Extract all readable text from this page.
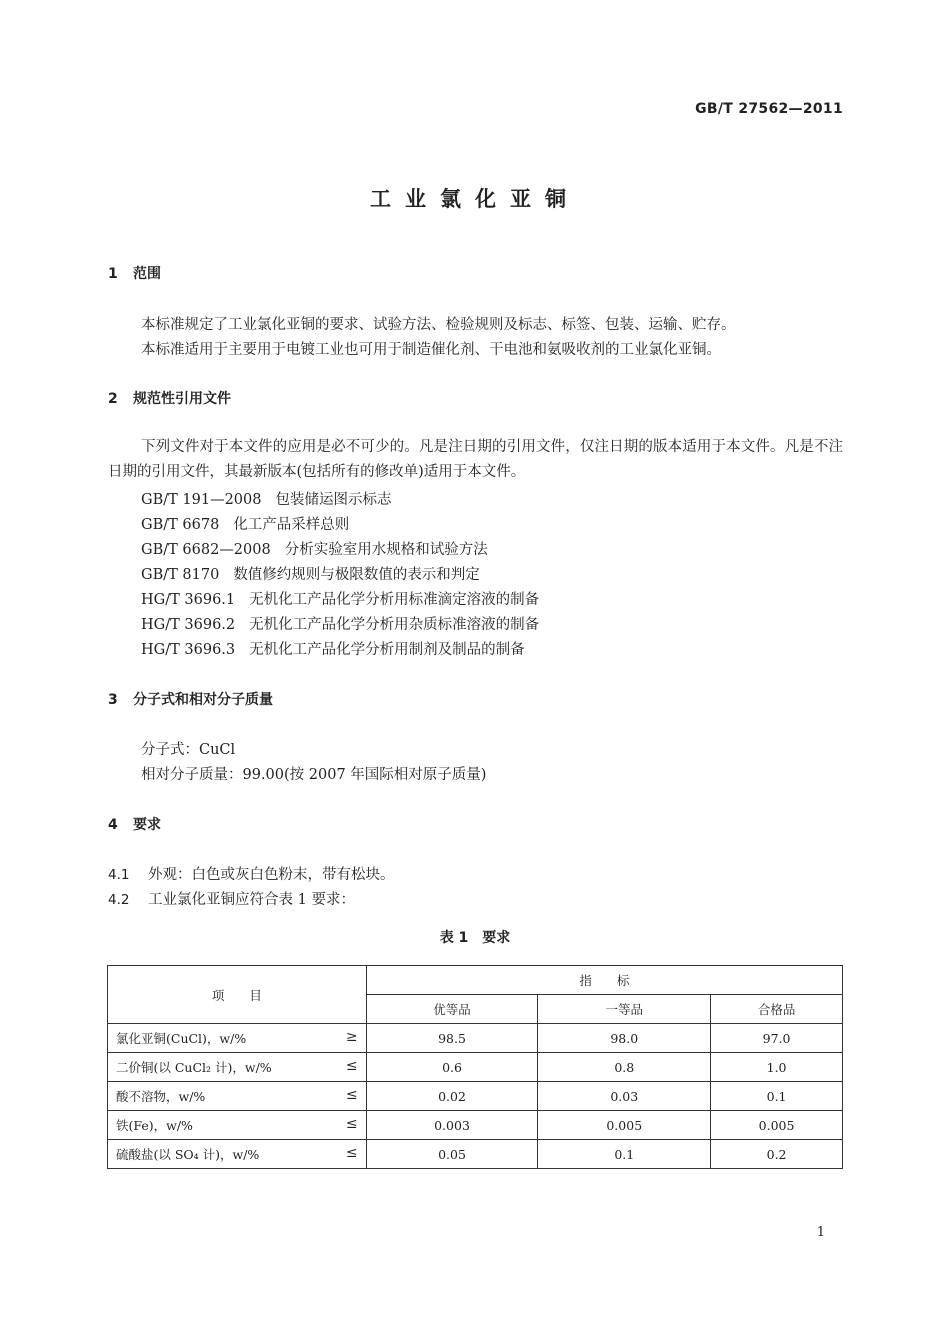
GB/T 27562—2011
工业氯化亚铜
1 范围
本标准规定了工业氯化亚铜的要求、试验方法、检验规则及标志、标签、包装、运输、贮存。
本标准适用于主要用于电镀工业也可用于制造催化剂、干电池和氨吸收剂的工业氯化亚铜。
2 规范性引用文件
下列文件对于本文件的应用是必不可少的。凡是注日期的引用文件，仅注日期的版本适用于本文件。凡是不注日期的引用文件，其最新版本(包括所有的修改单)适用于本文件。
GB/T 191—2008 包装储运图示标志
GB/T 6678 化工产品采样总则
GB/T 6682—2008 分析实验室用水规格和试验方法
GB/T 8170 数值修约规则与极限数值的表示和判定
HG/T 3696.1 无机化工产品化学分析用标准滴定溶液的制备
HG/T 3696.2 无机化工产品化学分析用杂质标准溶液的制备
HG/T 3696.3 无机化工产品化学分析用制剂及制品的制备
3 分子式和相对分子质量
分子式：CuCl
相对分子质量：99.00(按 2007 年国际相对原子质量)
4 要求
4.1 外观：白色或灰白色粉末，带有松块。
4.2 工业氯化亚铜应符合表 1 要求：
表 1　要求
项　　目	指　　标		
	优等品	一等品	合格品
氯化亚铜(CuCl)，w/% ≥	98.5	98.0	97.0
二价铜(以 CuCl₂ 计)，w/% ≤	0.6	0.8	1.0
酸不溶物，w/% ≤	0.02	0.03	0.1
铁(Fe)，w/% ≤	0.003	0.005	0.005
硫酸盐(以 SO₄ 计)，w/% ≤	0.05	0.1	0.2
1
